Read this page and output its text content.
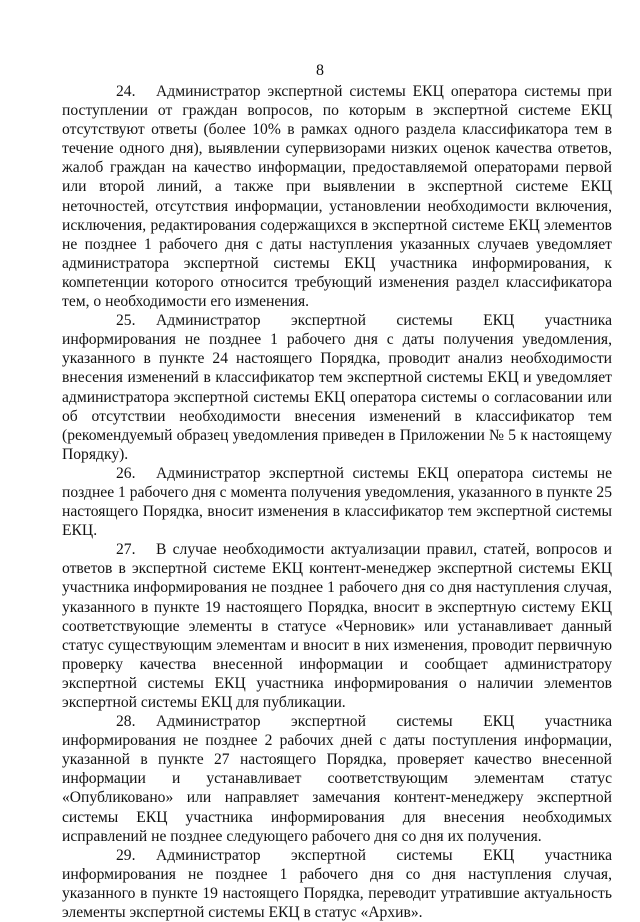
8

24. Администратор экспертной системы ЕКЦ оператора системы при поступлении от граждан вопросов, по которым в экспертной системе ЕКЦ отсутствуют ответы (более 10% в рамках одного раздела классификатора тем в течение одного дня), выявлении супервизорами низких оценок качества ответов, жалоб граждан на качество информации, предоставляемой операторами первой или второй линий, а также при выявлении в экспертной системе ЕКЦ неточностей, отсутствия информации, установлении необходимости включения, исключения, редактирования содержащихся в экспертной системе ЕКЦ элементов не позднее 1 рабочего дня с даты наступления указанных случаев уведомляет администратора экспертной системы ЕКЦ участника информирования, к компетенции которого относится требующий изменения раздел классификатора тем, о необходимости его изменения.

25. Администратор экспертной системы ЕКЦ участника информирования не позднее 1 рабочего дня с даты получения уведомления, указанного в пункте 24 настоящего Порядка, проводит анализ необходимости внесения изменений в классификатор тем экспертной системы ЕКЦ и уведомляет администратора экспертной системы ЕКЦ оператора системы о согласовании или об отсутствии необходимости внесения изменений в классификатор тем (рекомендуемый образец уведомления приведен в Приложении № 5 к настоящему Порядку).

26. Администратор экспертной системы ЕКЦ оператора системы не позднее 1 рабочего дня с момента получения уведомления, указанного в пункте 25 настоящего Порядка, вносит изменения в классификатор тем экспертной системы ЕКЦ.

27. В случае необходимости актуализации правил, статей, вопросов и ответов в экспертной системе ЕКЦ контент-менеджер экспертной системы ЕКЦ участника информирования не позднее 1 рабочего дня со дня наступления случая, указанного в пункте 19 настоящего Порядка, вносит в экспертную систему ЕКЦ соответствующие элементы в статусе «Черновик» или устанавливает данный статус существующим элементам и вносит в них изменения, проводит первичную проверку качества внесенной информации и сообщает администратору экспертной системы ЕКЦ участника информирования о наличии элементов экспертной системы ЕКЦ для публикации.

28. Администратор экспертной системы ЕКЦ участника информирования не позднее 2 рабочих дней с даты поступления информации, указанной в пункте 27 настоящего Порядка, проверяет качество внесенной информации и устанавливает соответствующим элементам статус «Опубликовано» или направляет замечания контент-менеджеру экспертной системы ЕКЦ участника информирования для внесения необходимых исправлений не позднее следующего рабочего дня со дня их получения.

29. Администратор экспертной системы ЕКЦ участника информирования не позднее 1 рабочего дня со дня наступления случая, указанного в пункте 19 настоящего Порядка, переводит утратившие актуальность элементы экспертной системы ЕКЦ в статус «Архив».
